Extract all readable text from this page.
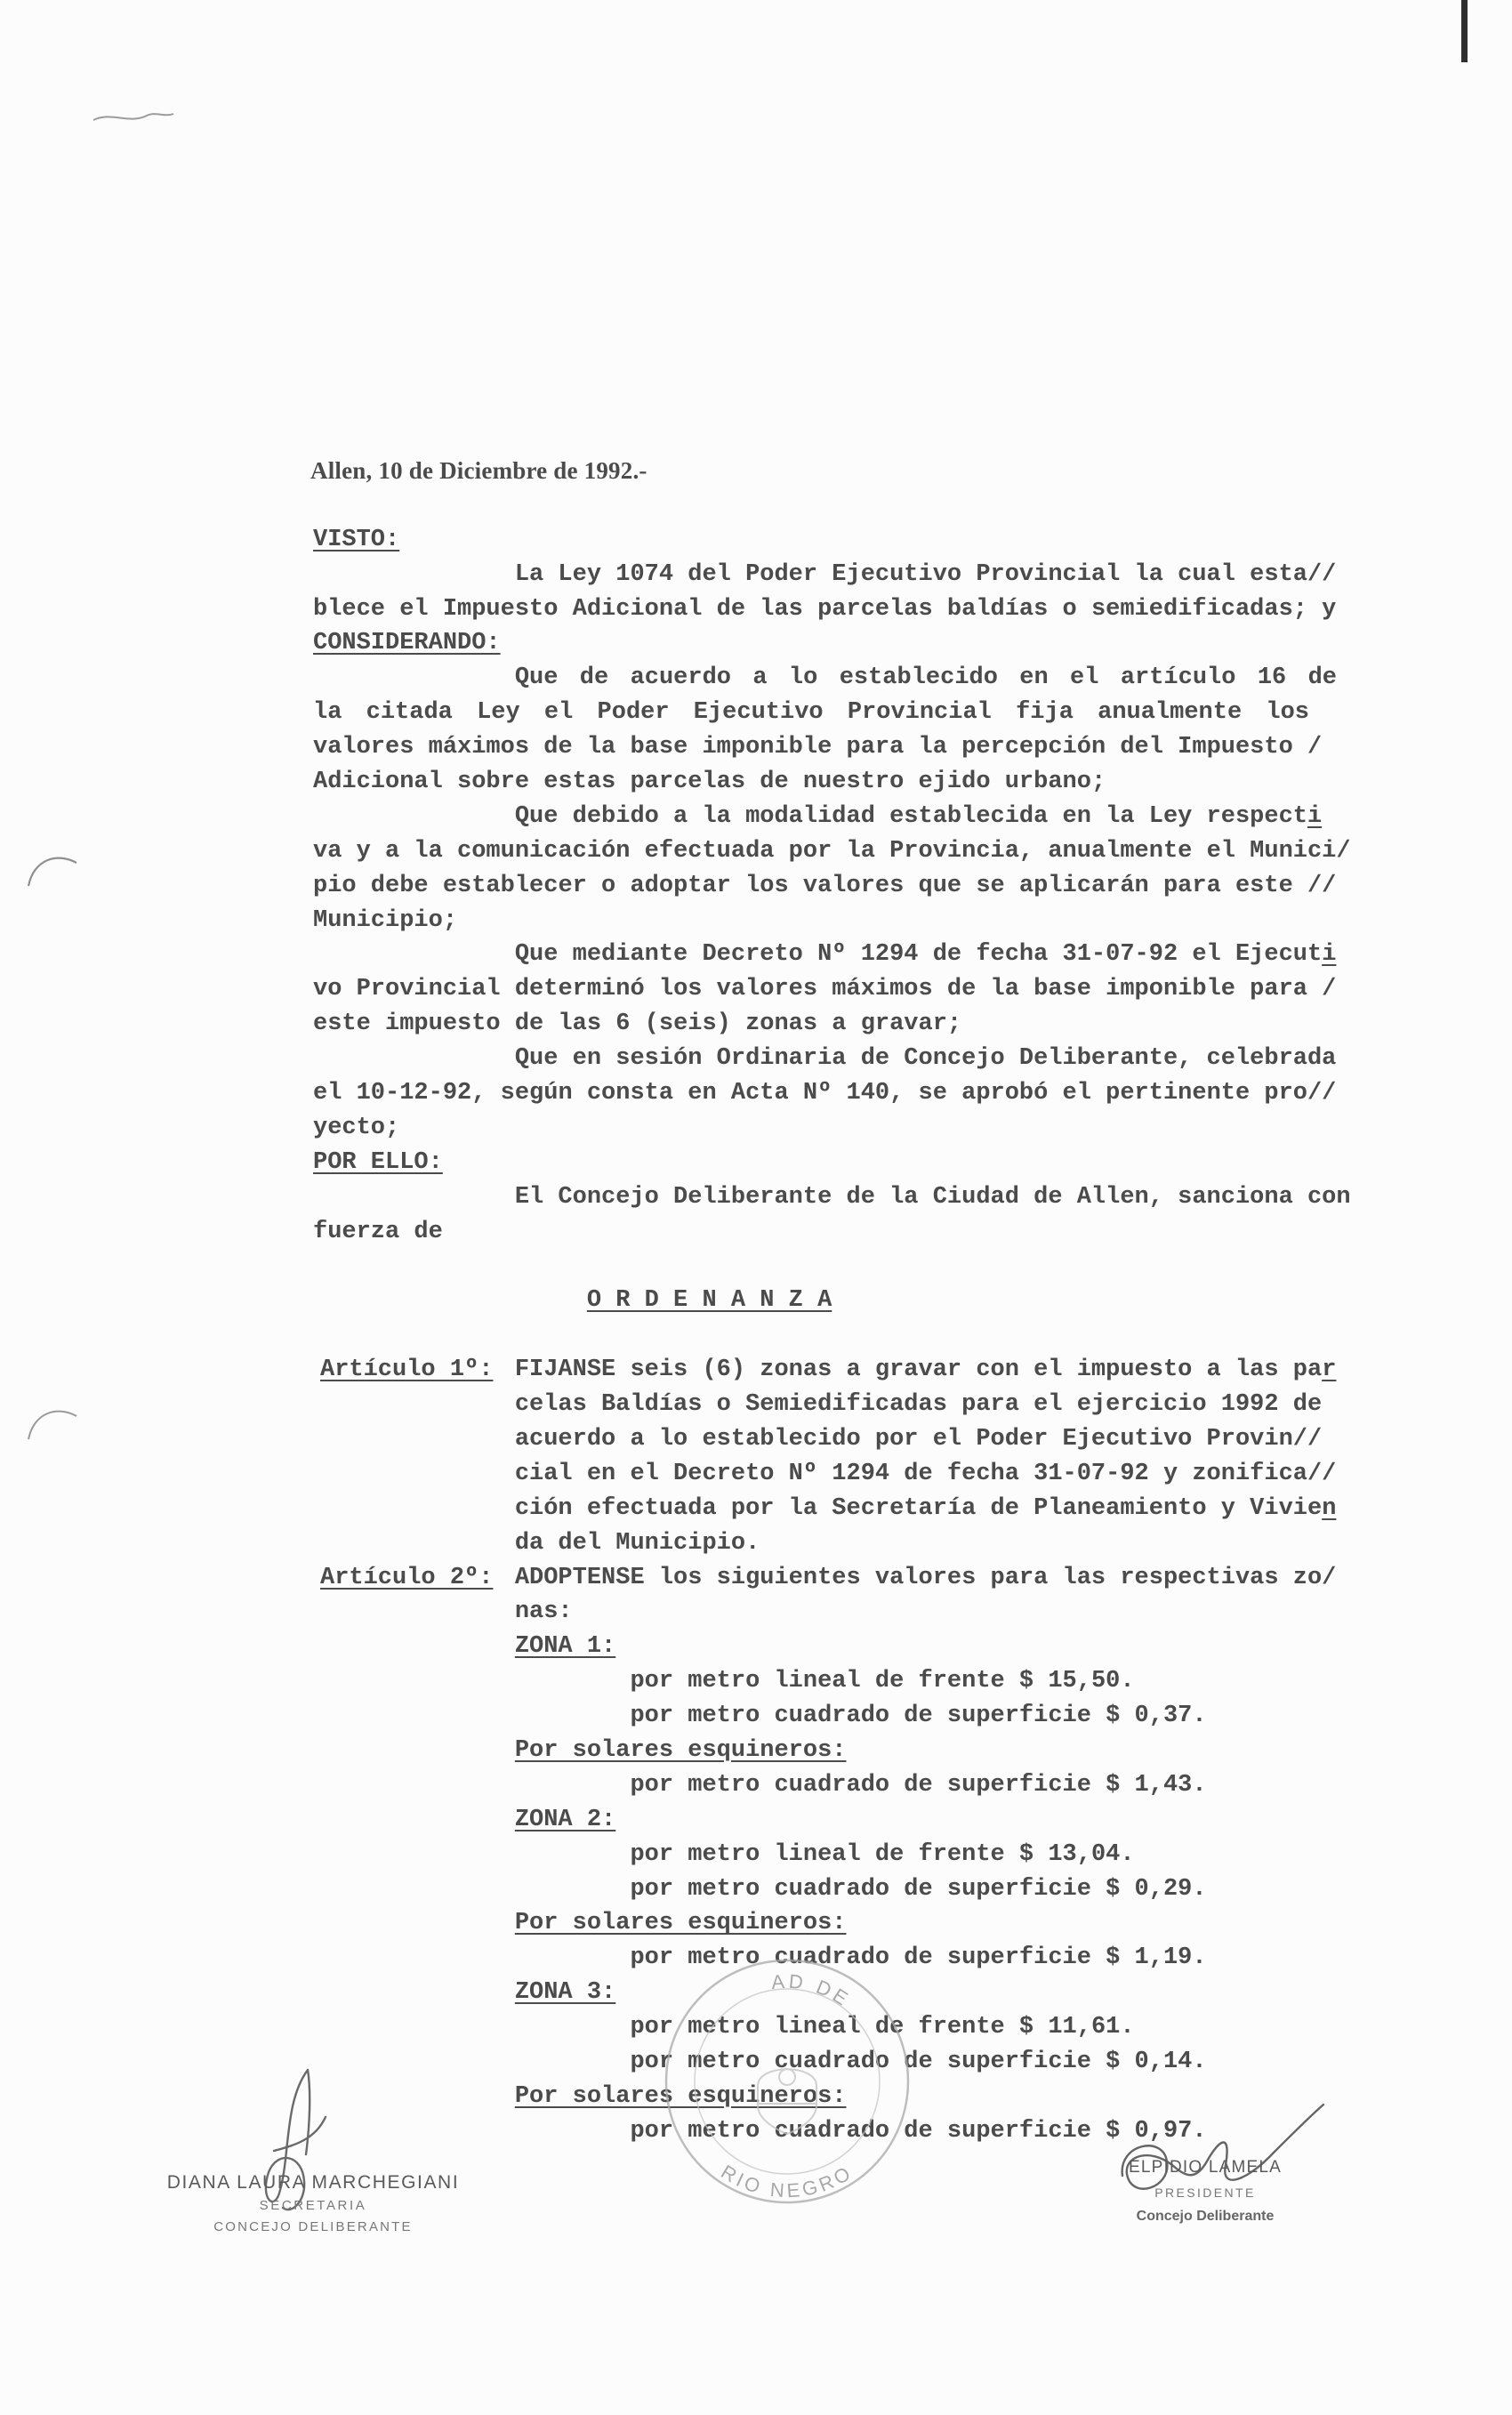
Allen, 10 de Diciembre de 1992.-
VISTO:
La Ley 1074 del Poder Ejecutivo Provincial la cual esta//
blece el Impuesto Adicional de las parcelas baldías o semiedificadas; y
CONSIDERANDO:
Que de acuerdo a lo establecido en el artículo 16 de
la citada Ley el Poder Ejecutivo Provincial fija anualmente los
valores máximos de la base imponible para la percepción del Impuesto /
Adicional sobre estas parcelas de nuestro ejido urbano;
Que debido a la modalidad establecida en la Ley respecti
va y a la comunicación efectuada por la Provincia, anualmente el Munici/
pio debe establecer o adoptar los valores que se aplicarán para este //
Municipio;
Que mediante Decreto Nº 1294 de fecha 31-07-92 el Ejecuti
vo Provincial determinó los valores máximos de la base imponible para /
este impuesto de las 6 (seis) zonas a gravar;
Que en sesión Ordinaria de Concejo Deliberante, celebrada
el 10-12-92, según consta en Acta Nº 140, se aprobó el pertinente pro//
yecto;
POR ELLO:
El Concejo Deliberante de la Ciudad de Allen, sanciona con
fuerza de
O R D E N A N Z A
Artículo 1º: FIJANSE seis (6) zonas a gravar con el impuesto a las par
celas Baldías o Semiedificadas para el ejercicio 1992 de
acuerdo a lo establecido por el Poder Ejecutivo Provin//
cial en el Decreto Nº 1294 de fecha 31-07-92 y zonifica//
ción efectuada por la Secretaría de Planeamiento y Vivien
da del Municipio.
Artículo 2º: ADOPTENSE los siguientes valores para las respectivas zo/
nas:
ZONA 1:
por metro lineal de frente $ 15,50.
por metro cuadrado de superficie $ 0,37.
Por solares esquineros:
por metro cuadrado de superficie $ 1,43.
ZONA 2:
por metro lineal de frente $ 13,04.
por metro cuadrado de superficie $ 0,29.
Por solares esquineros:
por metro cuadrado de superficie $ 1,19.
ZONA 3:
por metro lineal de frente $ 11,61.
por metro cuadrado de superficie $ 0,14.
Por solares esquineros:
por metro cuadrado de superficie $ 0,97.
AD DE
RIO NEGRO
DIANA LAURA MARCHEGIANI
SECRETARIA
CONCEJO DELIBERANTE
ELPIDIO LAMELA
PRESIDENTE
Concejo Deliberante
